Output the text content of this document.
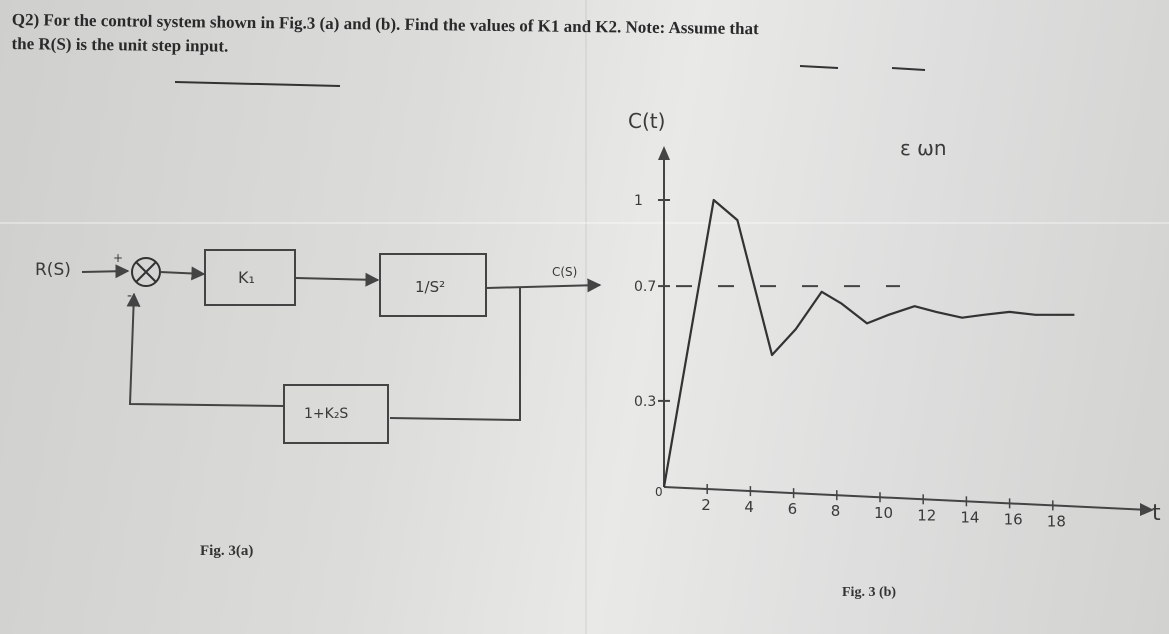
Q2) For the control system shown in Fig.3 (a) and (b). Find the values of K1 and K2. Note: Assume that
the R(S) is the unit step input.

R(S)
+
-
K₁	1/S²
1+K₂S
Fig. 3(a)
C(S)
C(t)
ε ωn
t
0
1
0.7
0.3
2 4 6 8 10 12 14 16 18
Fig. 3 (b)
